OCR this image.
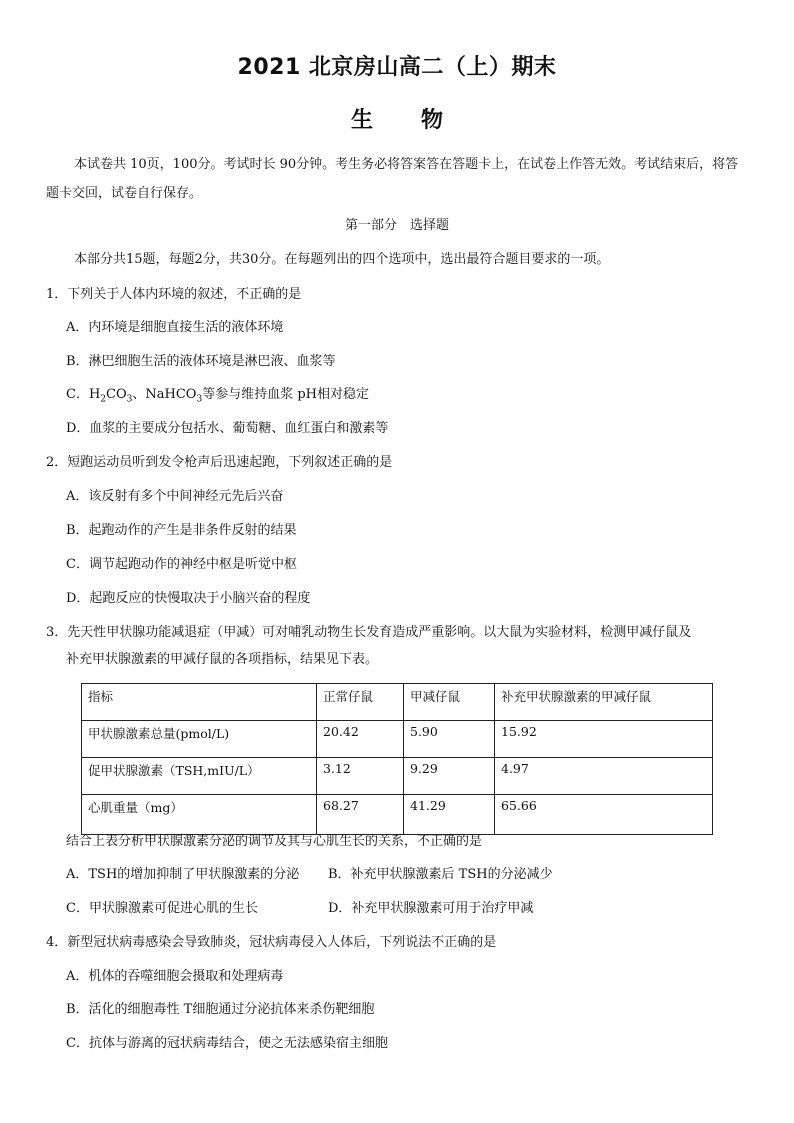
2021 北京房山高二（上）期末
生 物
本试卷共 10页，100分。考试时长 90分钟。考生务必将答案答在答题卡上，在试卷上作答无效。考试结束后，将答题卡交回，试卷自行保存。
第一部分　选择题
本部分共15题，每题2分，共30分。在每题列出的四个选项中，选出最符合题目要求的一项。
1．下列关于人体内环境的叙述，不正确的是
A．内环境是细胞直接生活的液体环境
B．淋巴细胞生活的液体环境是淋巴液、血浆等
C．$H_2CO_3$、NaHCO$_3$等参与维持血浆 pH相对稳定
D．血浆的主要成分包括水、葡萄糖、血红蛋白和激素等
2．短跑运动员听到发令枪声后迅速起跑，下列叙述正确的是
A．该反射有多个中间神经元先后兴奋
B．起跑动作的产生是非条件反射的结果
C．调节起跑动作的神经中枢是听觉中枢
D．起跑反应的快慢取决于小脑兴奋的程度
3．先天性甲状腺功能减退症（甲减）可对哺乳动物生长发育造成严重影响。以大鼠为实验材料，检测甲减仔鼠及
补充甲状腺激素的甲减仔鼠的各项指标，结果见下表。
指标	正常仔鼠	甲减仔鼠	补充甲状腺激素的甲减仔鼠
甲状腺激素总量(pmol/L)	20.42	5.90	15.92
促甲状腺激素（TSH,mIU/L）	3.12	9.29	4.97
心肌重量（mg）	68.27	41.29	65.66
结合上表分析甲状腺激素分泌的调节及其与心肌生长的关系，不正确的是
A．TSH的增加抑制了甲状腺激素的分泌 B．补充甲状腺激素后 TSH的分泌减少
C．甲状腺激素可促进心肌的生长	D．补充甲状腺激素可用于治疗甲减
4．新型冠状病毒感染会导致肺炎，冠状病毒侵入人体后，下列说法不正确的是
A．机体的吞噬细胞会摄取和处理病毒
B．活化的细胞毒性 T细胞通过分泌抗体来杀伤靶细胞
C．抗体与游离的冠状病毒结合，使之无法感染宿主细胞
